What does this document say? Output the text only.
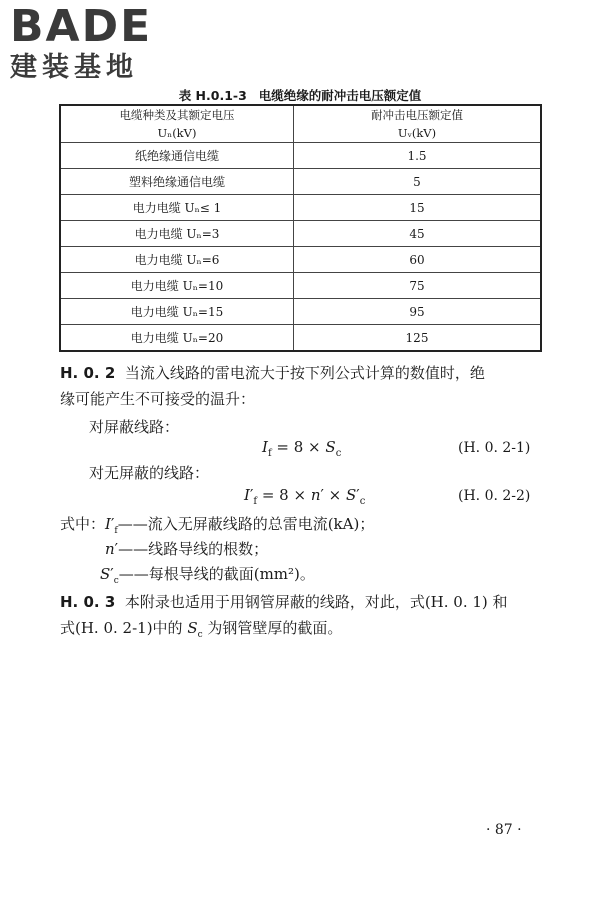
BADE
建装基地
表 H.0.1-3 电缆绝缘的耐冲击电压额定值
电缆种类及其额定电压	耐冲击电压额定值
Uₙ(kV)	Uᵥ(kV)
纸绝缘通信电缆	1.5
塑料绝缘通信电缆	5
电力电缆 Uₙ≤ 1	15
电力电缆 Uₙ=3	45
电力电缆 Uₙ=6	60
电力电缆 Uₙ=10	75
电力电缆 Uₙ=15	95
电力电缆 Uₙ=20	125
H. 0. 2 当流入线路的雷电流大于按下列公式计算的数值时，绝
缘可能产生不可接受的温升：
对屏蔽线路：
$I_f = 8 \times S_c$	(H. 0. 2-1)
对无屏蔽的线路：
$I'_f = 8 \times n' \times S'_c$	(H. 0. 2-2)
式中：$I'_f——$流入无屏蔽线路的总雷电流(kA)；
n′——线路导线的根数；
$S'_c——$每根导线的截面(mm²)。
H. 0. 3 本附录也适用于用钢管屏蔽的线路，对此，式(H. 0. 1) 和
式(H. 0. 2-1)中的 $S_c$ 为钢管壁厚的截面。
· 87 ·
